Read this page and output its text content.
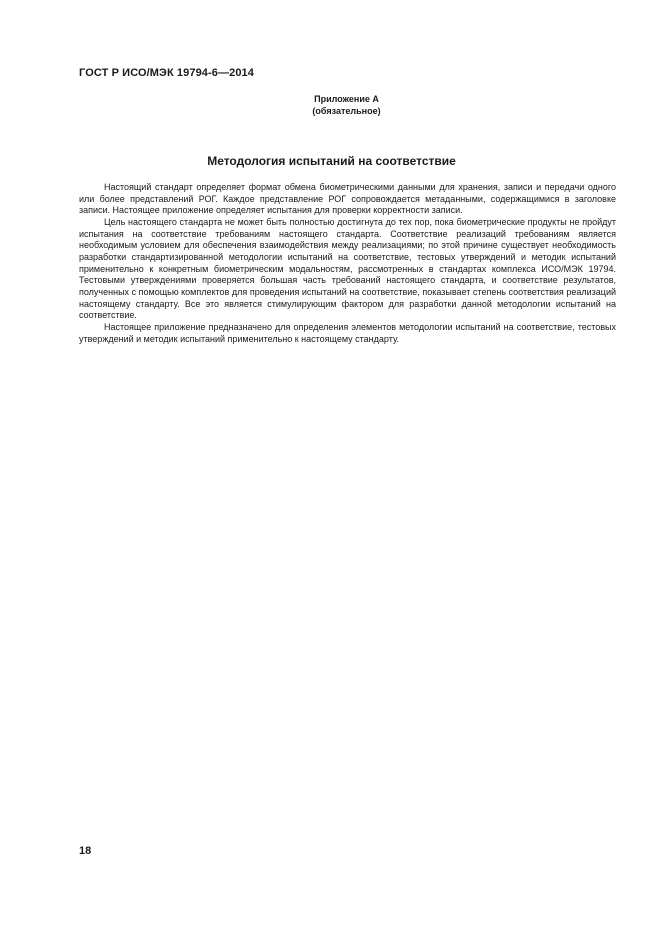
ГОСТ Р ИСО/МЭК 19794-6—2014
Приложение А
(обязательное)
Методология испытаний на соответствие

Настоящий стандарт определяет формат обмена биометрическими данными для хранения, записи и передачи одного или более представлений РОГ. Каждое представление РОГ сопровождается метаданными, содержащимися в заголовке записи. Настоящее приложение определяет испытания для проверки корректности записи.

Цель настоящего стандарта не может быть полностью достигнута до тех пор, пока биометрические продукты не пройдут испытания на соответствие требованиям настоящего стандарта. Соответствие реализаций требованиям является необходимым условием для обеспечения взаимодействия между реализациями; по этой причине существует необходимость разработки стандартизированной методологии испытаний на соответствие, тестовых утверждений и методик испытаний применительно к конкретным биометрическим модальностям, рассмотренных в стандартах комплекса ИСО/МЭК 19794. Тестовыми утверждениями проверяется большая часть требований настоящего стандарта, и соответствие результатов, полученных с помощью комплектов для проведения испытаний на соответствие, показывает степень соответствия реализаций настоящему стандарту. Все это является стимулирующим фактором для разработки данной методологии испытаний на соответствие.

Настоящее приложение предназначено для определения элементов методологии испытаний на соответствие, тестовых утверждений и методик испытаний применительно к настоящему стандарту.

18
